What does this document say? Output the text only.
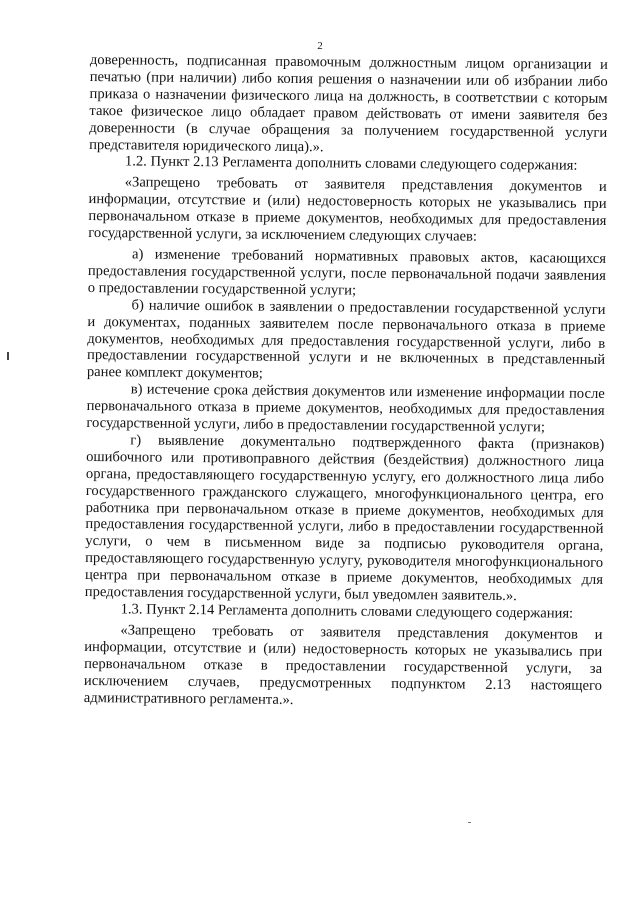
2

доверенность, подписанная правомочным должностным лицом организации и печатью (при наличии) либо копия решения о назначении или об избрании либо приказа о назначении физического лица на должность, в соответствии с которым такое физическое лицо обладает правом действовать от имени заявителя без доверенности (в случае обращения за получением государственной услуги представителя юридического лица).».

1.2. Пункт 2.13 Регламента дополнить словами следующего содержания:

«Запрещено требовать от заявителя представления документов и информации, отсутствие и (или) недостоверность которых не указывались при первоначальном отказе в приеме документов, необходимых для предоставления государственной услуги, за исключением следующих случаев:

а) изменение требований нормативных правовых актов, касающихся предоставления государственной услуги, после первоначальной подачи заявления о предоставлении государственной услуги;

б) наличие ошибок в заявлении о предоставлении государственной услуги и документах, поданных заявителем после первоначального отказа в приеме документов, необходимых для предоставления государственной услуги, либо в предоставлении государственной услуги и не включенных в представленный ранее комплект документов;

в) истечение срока действия документов или изменение информации после первоначального отказа в приеме документов, необходимых для предоставления государственной услуги, либо в предоставлении государственной услуги;

г) выявление документально подтвержденного факта (признаков) ошибочного или противоправного действия (бездействия) должностного лица органа, предоставляющего государственную услугу, его должностного лица либо государственного гражданского служащего, многофункционального центра, его работника при первоначальном отказе в приеме документов, необходимых для предоставления государственной услуги, либо в предоставлении государственной услуги, о чем в письменном виде за подписью руководителя органа, предоставляющего государственную услугу, руководителя многофункционального центра при первоначальном отказе в приеме документов, необходимых для предоставления государственной услуги, был уведомлен заявитель.».

1.3. Пункт 2.14 Регламента дополнить словами следующего содержания:

«Запрещено требовать от заявителя представления документов и информации, отсутствие и (или) недостоверность которых не указывались при первоначальном отказе в предоставлении государственной услуги, за исключением случаев, предусмотренных подпунктом 2.13 настоящего административного регламента.».
